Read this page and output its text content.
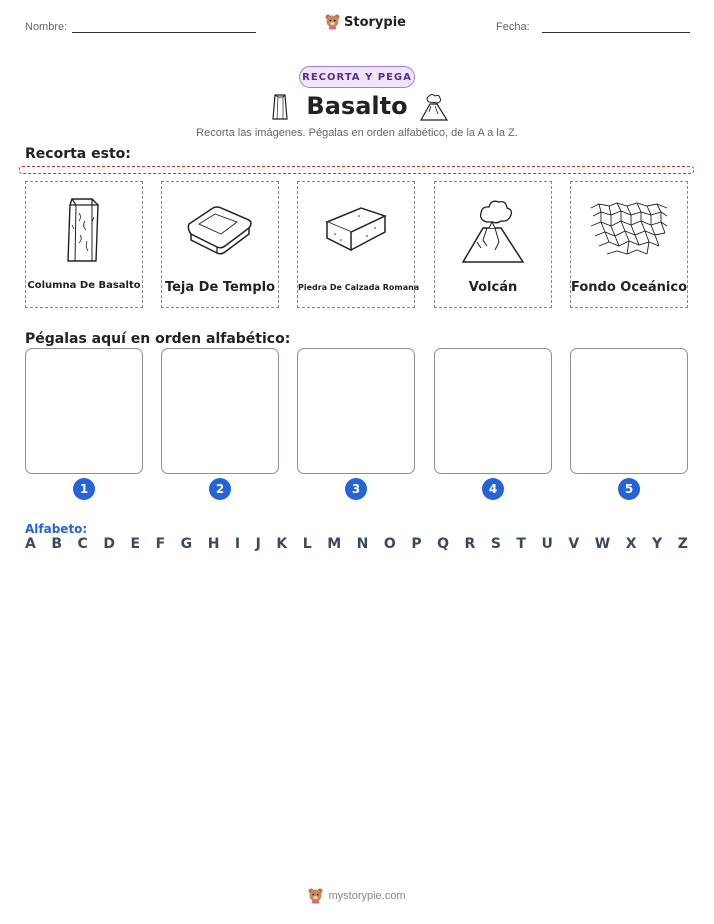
Nombre:	Storypie	Fecha:
RECORTA Y PEGA
Basalto
Recorta las imágenes. Pégalas en orden alfabético, de la A a la Z.
Recorta esto:
Columna De Basalto Teja De Templo	Piedra De Calzada Romana	Volcán	Fondo Oceánico
Pégalas aquí en orden alfabético:
1	2	3	4	5
Alfabeto:
A B C D E F G H I J K L M N O P Q R S T U V W X Y Z
mystorypie.com
